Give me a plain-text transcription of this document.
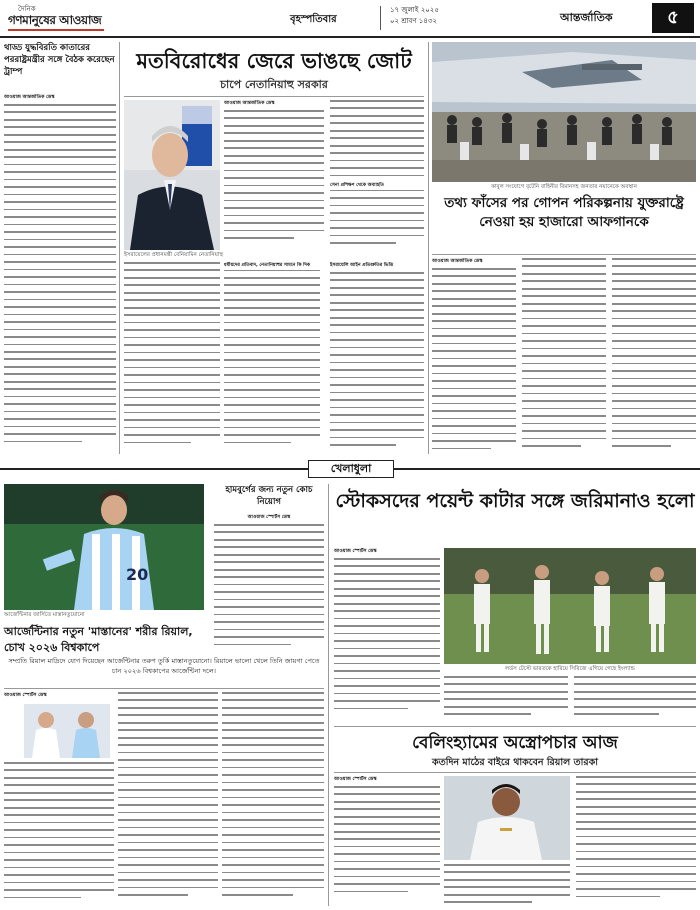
দৈনিক
গণমানুষের আওয়াজ	বৃহস্পতিবার
১৭ জুলাই ২০২৫
০২ শ্রাবণ ১৪৩২	আন্তর্জাতিক	৫
থাড্ড যুদ্ধবিরতি কাতারের পররাষ্ট্রমন্ত্রীর সঙ্গে বৈঠক করেছেন ট্রাম্প
আওয়াজ আন্তর্জাতিক ডেস্ক
মতবিরোধের জেরে ভাঙছে জোট
চাপে নেতানিয়াহু সরকার
আওয়াজ আন্তর্জাতিক ডেস্ক
ইসরায়েলের প্রধানমন্ত্রী বেনিয়ামিন নেতানিয়াহু
ইসরায়েলি আইন প্রতিশ্রুতির ভিত্তি
সেনা প্রশিক্ষণ থেকে অব্যাহতি
ধর্মীয়দের প্রতিবাদ, নেতানিয়াহুর সামনে কি দিক
কাবুল সংযোগে বৃটেনি বাহিনীর বিমানসহ জনতার নয়ানেকে অবস্থান
তথ্য ফাঁসের পর গোপন পরিকল্পনায় যুক্তরাষ্ট্রে নেওয়া হয় হাজারো আফগানকে
আওয়াজ আন্তর্জাতিক ডেস্ক
খেলাধুলা
20
আর্জেন্টিনার জার্সিতে মাস্তানতুয়োনো
হামবুর্গের জন্য নতুন কোচ নিয়োগ
আওয়াজ স্পোর্টস ডেস্ক
আর্জেন্টিনার নতুন 'মাস্তানের' শরীর রিয়াল, চোখ ২০২৬ বিশ্বকাপে
সম্প্রতি রিয়াল মাদ্রিদে যোগ দিয়েছেন আর্জেন্টিনার তরুণ তুর্কি মাস্তানতুয়োনো। রিয়ালে ভালো খেলে তিনি জায়গা পেতে চান ২০২৬ বিশ্বকাপের আর্জেন্টিনা দলে।
আওয়াজ স্পোর্টস ডেস্ক
স্টোকসদের পয়েন্ট কাটার সঙ্গে জরিমানাও হলো
আওয়াজ স্পোর্টস ডেস্ক
লর্ডস টেস্টে ভারতকে হারিয়ে সিরিজে এগিয়ে গেছে ইংল্যান্ড
বেলিংহ্যামের অস্ত্রোপচার আজ
কতদিন মাঠের বাইরে থাকবেন রিয়াল তারকা
আওয়াজ স্পোর্টস ডেস্ক
